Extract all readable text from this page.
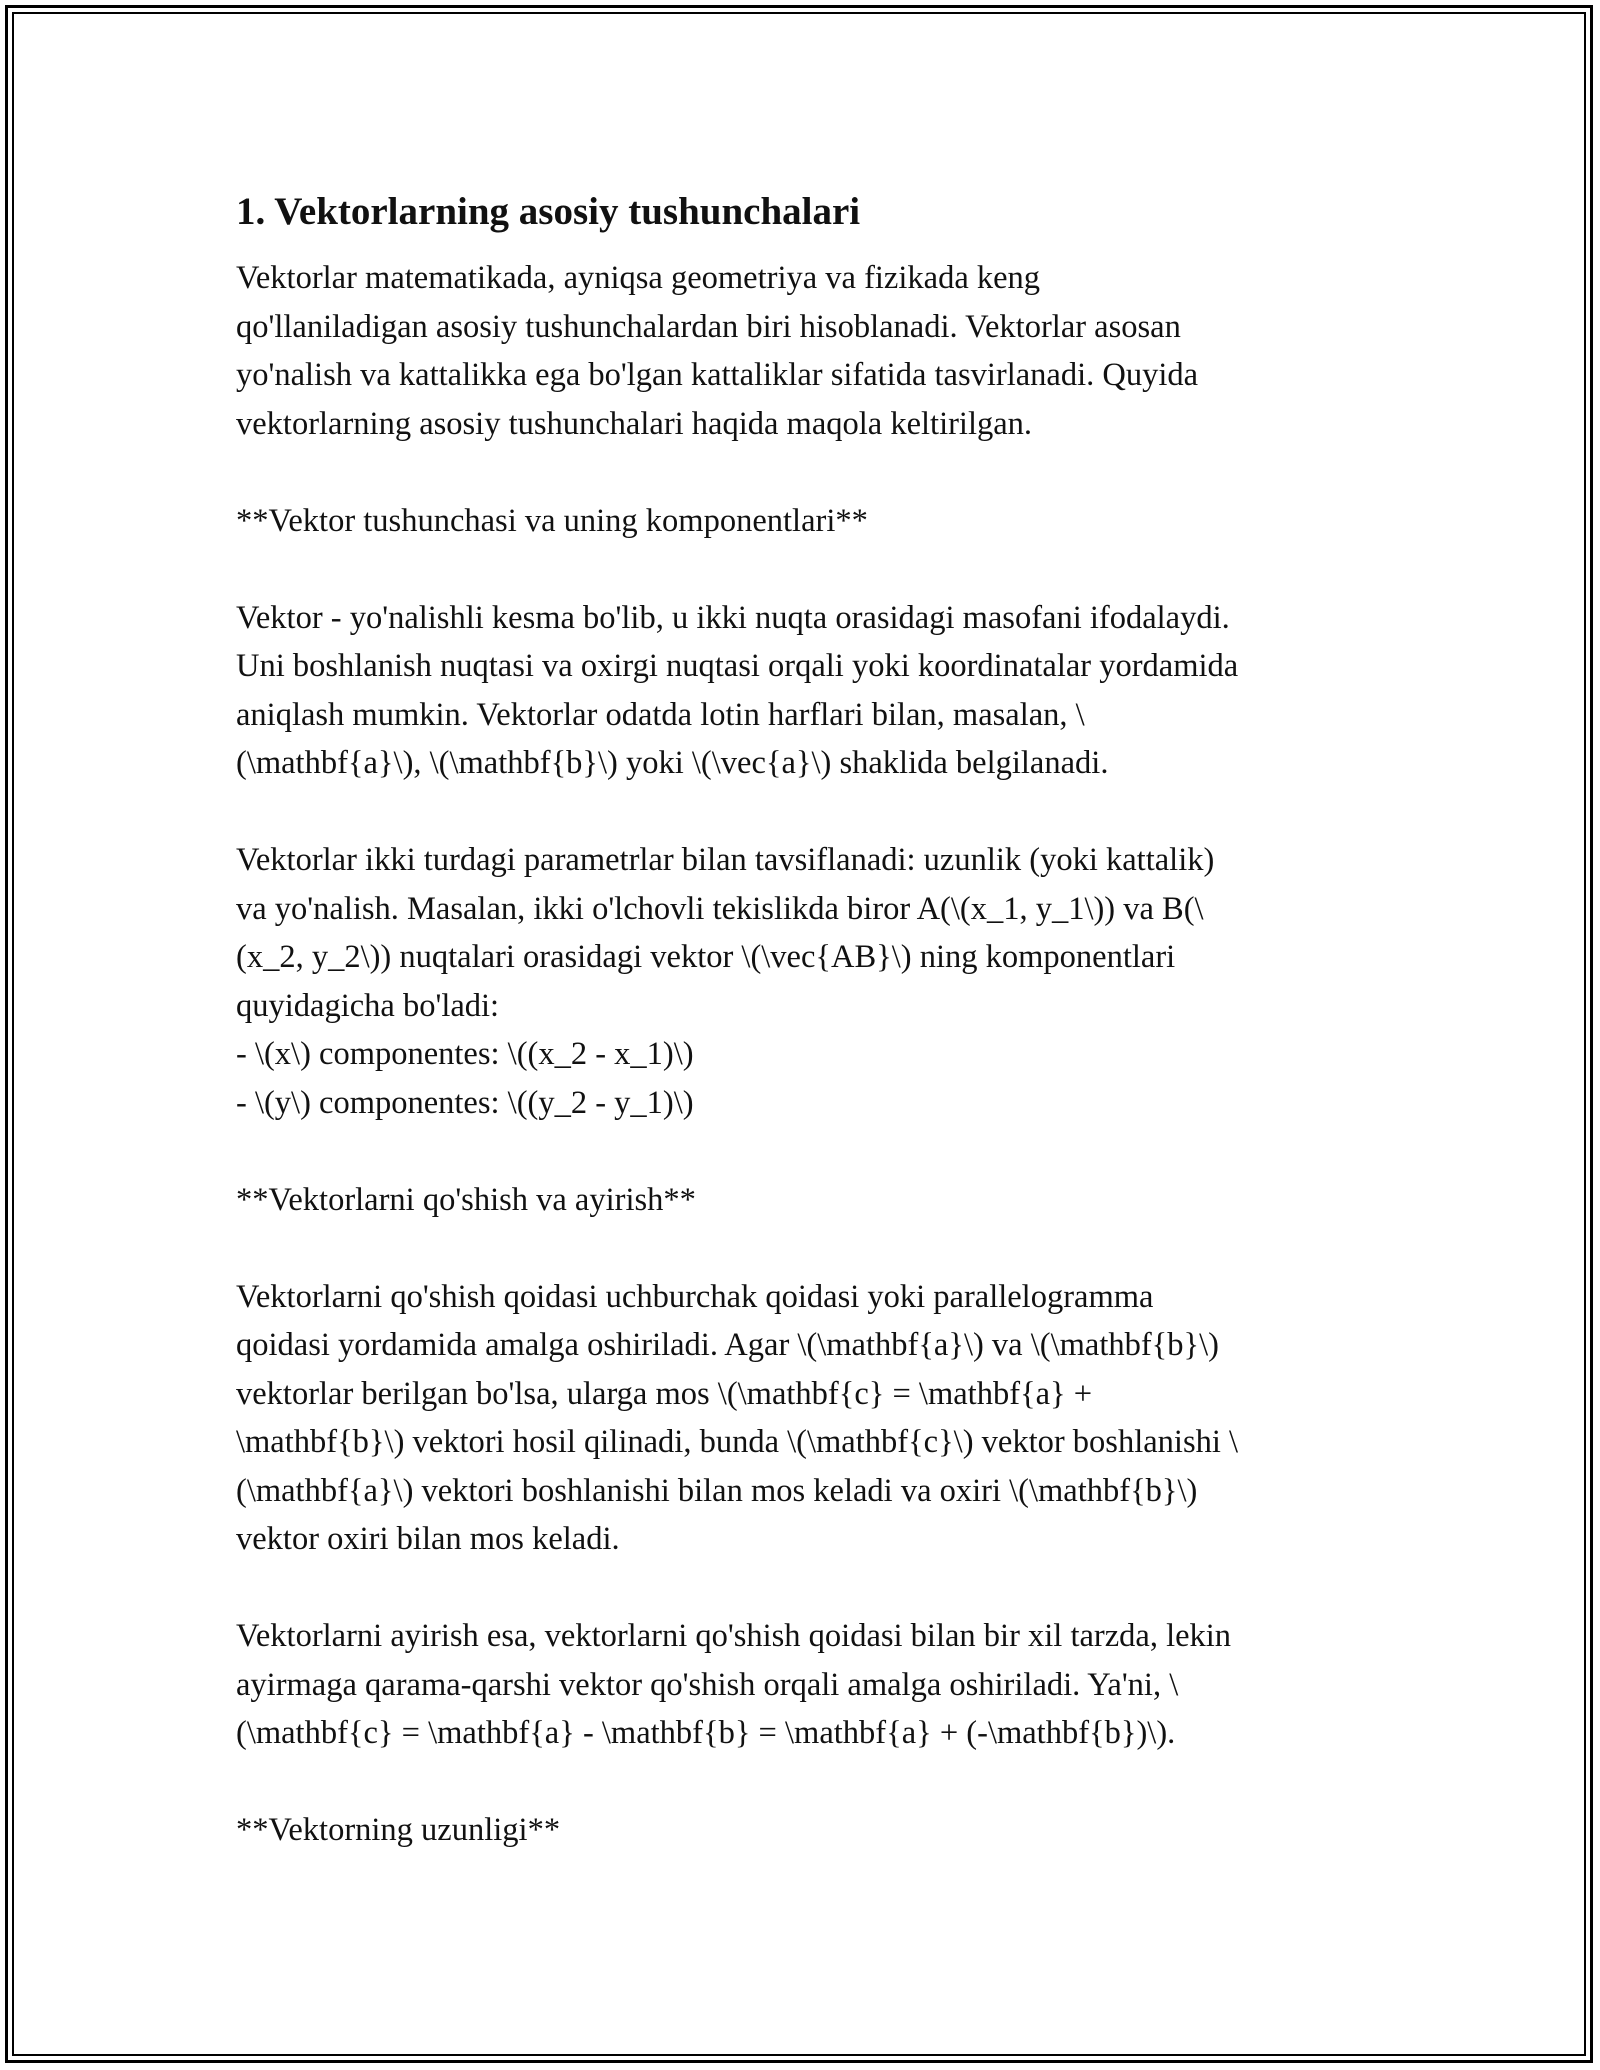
1. Vektorlarning asosiy tushunchalari

Vektorlar matematikada, ayniqsa geometriya va fizikada keng
qo'llaniladigan asosiy tushunchalardan biri hisoblanadi. Vektorlar asosan
yo'nalish va kattalikka ega bo'lgan kattaliklar sifatida tasvirlanadi. Quyida
vektorlarning asosiy tushunchalari haqida maqola keltirilgan.

**Vektor tushunchasi va uning komponentlari**

Vektor - yo'nalishli kesma bo'lib, u ikki nuqta orasidagi masofani ifodalaydi.
Uni boshlanish nuqtasi va oxirgi nuqtasi orqali yoki koordinatalar yordamida
aniqlash mumkin. Vektorlar odatda lotin harflari bilan, masalan, \
(\mathbf{a}\), \(\mathbf{b}\) yoki \(\vec{a}\) shaklida belgilanadi.

Vektorlar ikki turdagi parametrlar bilan tavsiflanadi: uzunlik (yoki kattalik)
va yo'nalish. Masalan, ikki o'lchovli tekislikda biror A(\(x_1, y_1\)) va B(\
(x_2, y_2\)) nuqtalari orasidagi vektor \(\vec{AB}\) ning komponentlari
quyidagicha bo'ladi:
- \(x\) componentes: \((x_2 - x_1)\)
- \(y\) componentes: \((y_2 - y_1)\)

**Vektorlarni qo'shish va ayirish**

Vektorlarni qo'shish qoidasi uchburchak qoidasi yoki parallelogramma
qoidasi yordamida amalga oshiriladi. Agar \(\mathbf{a}\) va \(\mathbf{b}\)
vektorlar berilgan bo'lsa, ularga mos \(\mathbf{c} = \mathbf{a} +
\mathbf{b}\) vektori hosil qilinadi, bunda \(\mathbf{c}\) vektor boshlanishi \
(\mathbf{a}\) vektori boshlanishi bilan mos keladi va oxiri \(\mathbf{b}\)
vektor oxiri bilan mos keladi.

Vektorlarni ayirish esa, vektorlarni qo'shish qoidasi bilan bir xil tarzda, lekin
ayirmaga qarama-qarshi vektor qo'shish orqali amalga oshiriladi. Ya'ni, \
(\mathbf{c} = \mathbf{a} - \mathbf{b} = \mathbf{a} + (-\mathbf{b})\).

**Vektorning uzunligi**
